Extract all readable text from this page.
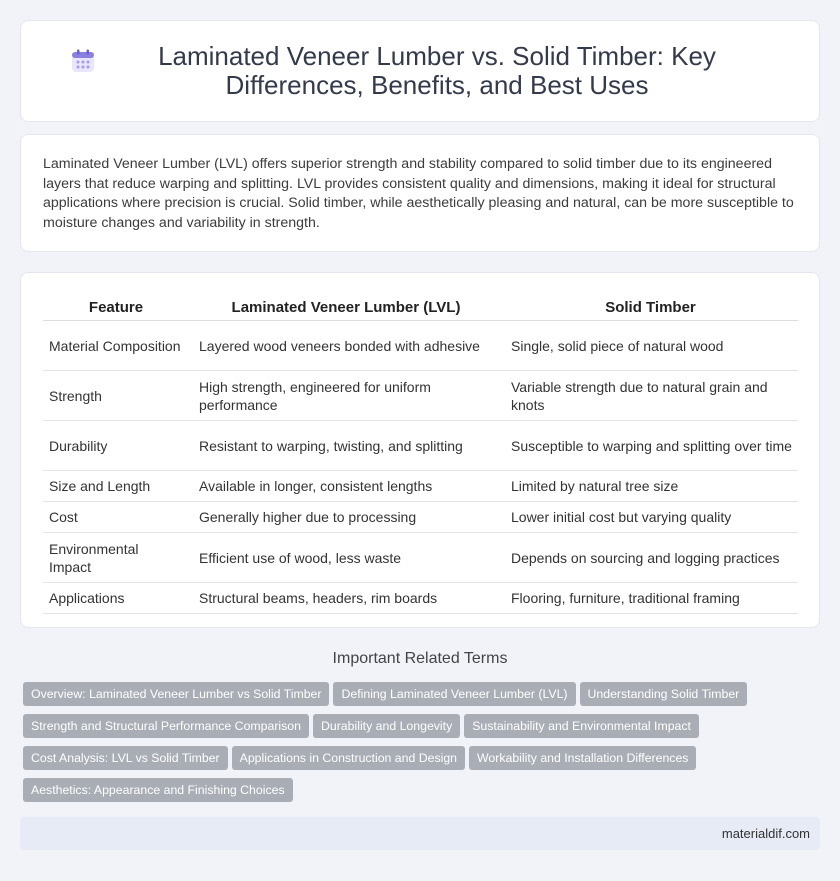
Laminated Veneer Lumber vs. Solid Timber: Key Differences, Benefits, and Best Uses

Laminated Veneer Lumber (LVL) offers superior strength and stability compared to solid timber due to its engineered layers that reduce warping and splitting. LVL provides consistent quality and dimensions, making it ideal for structural applications where precision is crucial. Solid timber, while aesthetically pleasing and natural, can be more susceptible to moisture changes and variability in strength.

Feature	Laminated Veneer Lumber (LVL)	Solid Timber
Material Composition	Layered wood veneers bonded with adhesive	Single, solid piece of natural wood
Strength	High strength, engineered for uniform performance	Variable strength due to natural grain and knots
Durability	Resistant to warping, twisting, and splitting	Susceptible to warping and splitting over time
Size and Length	Available in longer, consistent lengths	Limited by natural tree size
Cost	Generally higher due to processing	Lower initial cost but varying quality
Environmental Impact	Efficient use of wood, less waste	Depends on sourcing and logging practices
Applications	Structural beams, headers, rim boards	Flooring, furniture, traditional framing
Important Related Terms
Overview: Laminated Veneer Lumber vs Solid Timber Defining Laminated Veneer Lumber (LVL) Understanding Solid Timber
Strength and Structural Performance Comparison Durability and Longevity Sustainability and Environmental Impact
Cost Analysis: LVL vs Solid Timber Applications in Construction and Design Workability and Installation Differences
Aesthetics: Appearance and Finishing Choices
materialdif.com
